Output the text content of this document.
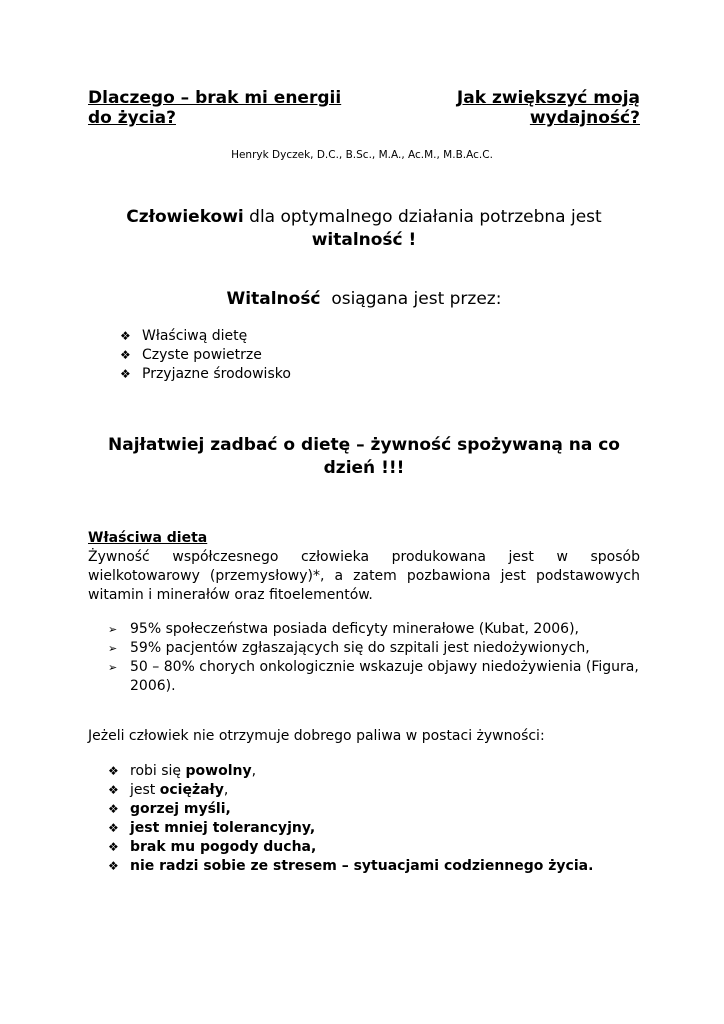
Dlaczego – brak mi energii
do życia?
Jak zwiększyć moją
wydajność?
Henryk Dyczek, D.C., B.Sc., M.A., Ac.M., M.B.Ac.C.
Człowiekowi dla optymalnego działania potrzebna jest
witalność !
Witalność  osiągana jest przez:
❖ Właściwą dietę
❖ Czyste powietrze
❖ Przyjazne środowisko
Najłatwiej zadbać o dietę – żywność spożywaną na co
dzień !!!
Właściwa dieta
Żywność współczesnego człowieka produkowana jest w sposób wielkotowarowy (przemysłowy)*, a zatem pozbawiona jest podstawowych witamin i minerałów oraz fitoelementów.
➢ 95% społeczeństwa posiada deficyty minerałowe (Kubat, 2006),
➢ 59% pacjentów zgłaszających się do szpitali jest niedożywionych,
➢ 50 – 80% chorych onkologicznie wskazuje objawy niedożywienia (Figura, 2006).
Jeżeli człowiek nie otrzymuje dobrego paliwa w postaci żywności:
❖ robi się powolny,
❖ jest ociężały,
❖ gorzej myśli,
❖ jest mniej tolerancyjny,
❖ brak mu pogody ducha,
❖ nie radzi sobie ze stresem – sytuacjami codziennego życia.
